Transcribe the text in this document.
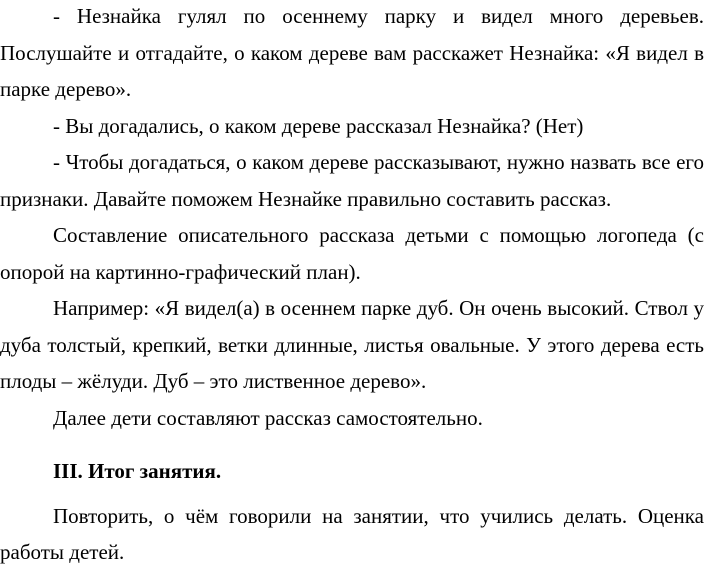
- Незнайка гулял по осеннему парку и видел много деревьев. Послушайте и отгадайте, о каком дереве вам расскажет Незнайка: «Я видел в парке дерево».

- Вы догадались, о каком дереве рассказал Незнайка? (Нет)

- Чтобы догадаться, о каком дереве рассказывают, нужно назвать все его признаки. Давайте поможем Незнайке правильно составить рассказ.

Составление описательного рассказа детьми с помощью логопеда (с опорой на картинно-графический план).

Например: «Я видел(а) в осеннем парке дуб. Он очень высокий. Ствол у дуба толстый, крепкий, ветки длинные, листья овальные. У этого дерева есть плоды – жёлуди. Дуб – это лиственное дерево».

Далее дети составляют рассказ самостоятельно.

III. Итог занятия.

Повторить, о чём говорили на занятии, что учились делать. Оценка работы детей.
